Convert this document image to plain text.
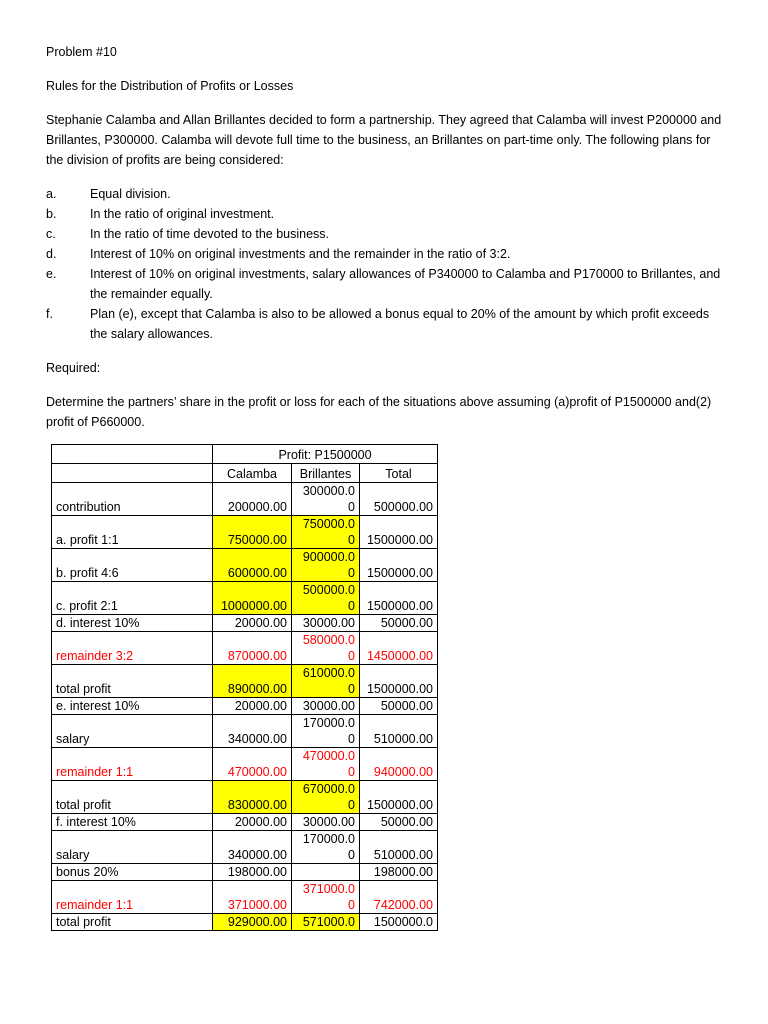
Problem #10

Rules for the Distribution of Profits or Losses

Stephanie Calamba and Allan Brillantes decided to form a partnership. They agreed that Calamba will invest P200000 and Brillantes, P300000. Calamba will devote full time to the business, an Brillantes on part-time only. The following plans for the division of profits are being considered:

a.	Equal division.
b.	In the ratio of original investment.
c.	In the ratio of time devoted to the business.
d.	Interest of 10% on original investments and the remainder in the ratio of 3:2.
e.	Interest of 10% on original investments, salary allowances of P340000 to Calamba and P170000 to Brillantes, and the remainder equally.
f.	Plan (e), except that Calamba is also to be allowed a bonus equal to 20% of the amount by which profit exceeds the salary allowances.

Required:

Determine the partners’ share in the profit or loss for each of the situations above assuming (a)profit of P1500000 and(2) profit of P660000.

	Profit: P1500000		
	Calamba	Brillantes	Total
contribution	200000.00	300000.00	500000.00
a. profit 1:1	750000.00	750000.00	1500000.00
b. profit 4:6	600000.00	900000.00	1500000.00
c. profit 2:1	1000000.00	500000.00	1500000.00
d. interest 10%	20000.00	30000.00	50000.00
remainder 3:2	870000.00	580000.00	1450000.00
total profit	890000.00	610000.00	1500000.00
e. interest 10%	20000.00	30000.00	50000.00
salary	340000.00	170000.00	510000.00
remainder 1:1	470000.00	470000.00	940000.00
total profit	830000.00	670000.00	1500000.00
f. interest 10%	20000.00	30000.00	50000.00
salary	340000.00	170000.00	510000.00
bonus 20%	198000.00		198000.00
remainder 1:1	371000.00	371000.00	742000.00
total profit	929000.00	571000.0	1500000.0
